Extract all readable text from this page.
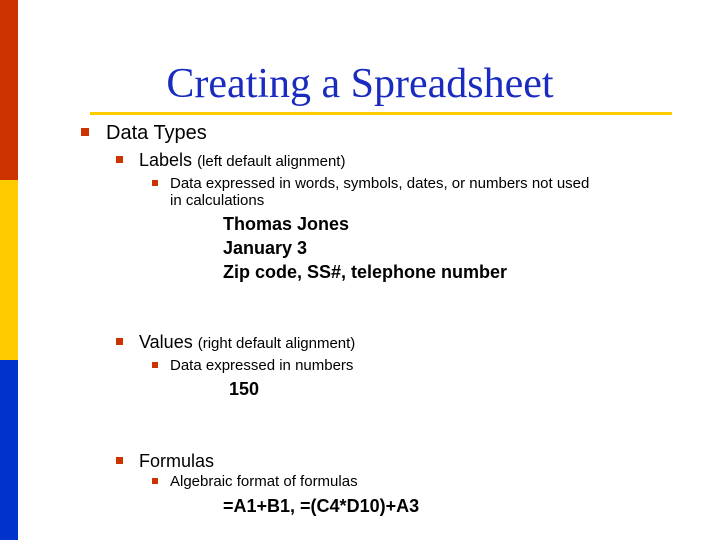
Creating a Spreadsheet
Data Types
Labels (left default alignment)
Data expressed in words, symbols, dates, or numbers not used
in calculations
Thomas Jones
January 3
Zip code, SS#, telephone number
Values (right default alignment)
Data expressed in numbers
150
Formulas
Algebraic format of formulas
=A1+B1, =(C4*D10)+A3
